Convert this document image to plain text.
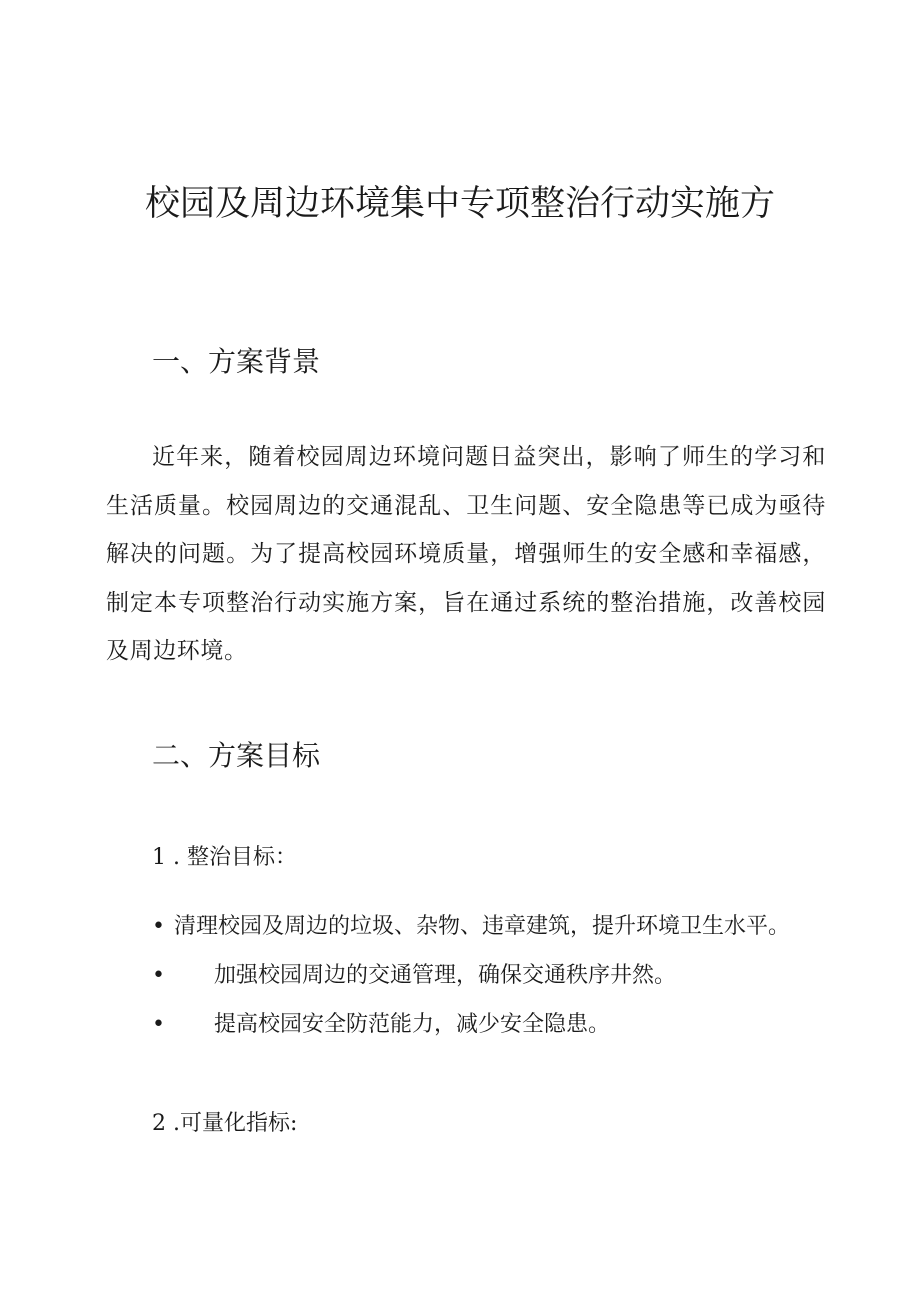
校园及周边环境集中专项整治行动实施方
一、方案背景
近年来，随着校园周边环境问题日益突出，影响了师生的学习和生活质量。校园周边的交通混乱、卫生问题、安全隐患等已成为亟待解决的问题。为了提高校园环境质量，增强师生的安全感和幸福感，制定本专项整治行动实施方案，旨在通过系统的整治措施，改善校园及周边环境。
二、方案目标
1 . 整治目标：
• 清理校园及周边的垃圾、杂物、违章建筑，提升环境卫生水平。
• 加强校园周边的交通管理，确保交通秩序井然。
• 提高校园安全防范能力，减少安全隐患。
2 .可量化指标:
